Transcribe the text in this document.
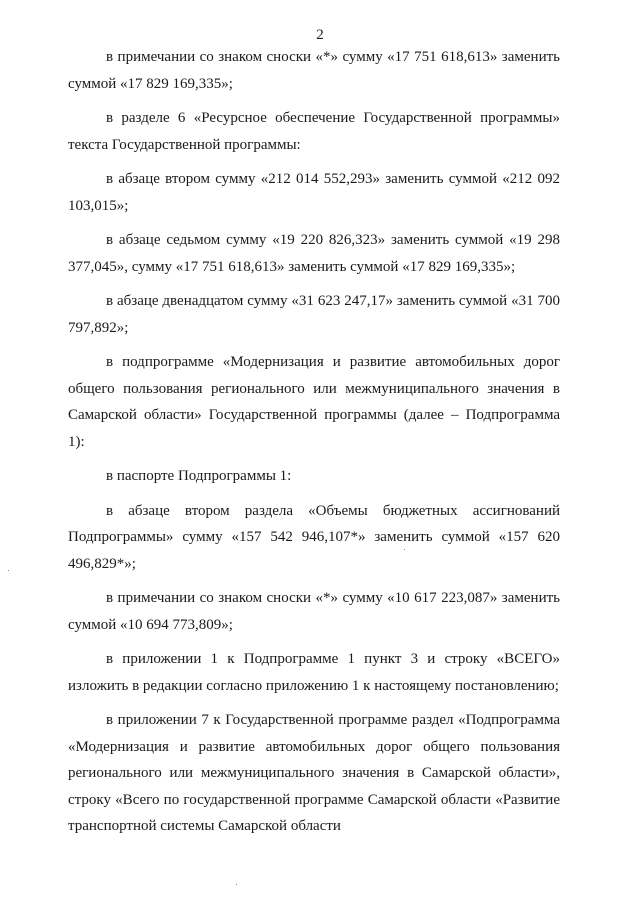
2

в примечании со знаком сноски «*» сумму «17 751 618,613» заменить суммой «17 829 169,335»;

в разделе 6 «Ресурсное обеспечение Государственной программы» текста Государственной программы:

в абзаце втором сумму «212 014 552,293» заменить суммой «212 092 103,015»;

в абзаце седьмом сумму «19 220 826,323» заменить суммой «19 298 377,045», сумму «17 751 618,613» заменить суммой «17 829 169,335»;

в абзаце двенадцатом сумму «31 623 247,17» заменить суммой «31 700 797,892»;

в подпрограмме «Модернизация и развитие автомобильных дорог общего пользования регионального или межмуниципального значения в Самарской области» Государственной программы (далее – Подпрограмма 1):

в паспорте Подпрограммы 1:

в абзаце втором раздела «Объемы бюджетных ассигнований Подпрограммы» сумму «157 542 946,107*» заменить суммой «157 620 496,829*»;

в примечании со знаком сноски «*» сумму «10 617 223,087» заменить суммой «10 694 773,809»;

в приложении 1 к Подпрограмме 1 пункт 3 и строку «ВСЕГО» изложить в редакции согласно приложению 1 к настоящему постановлению;

в приложении 7 к Государственной программе раздел «Подпрограмма «Модернизация и развитие автомобильных дорог общего пользования регионального или межмуниципального значения в Самарской области», строку «Всего по государственной программе Самарской области «Развитие транспортной системы Самарской области
